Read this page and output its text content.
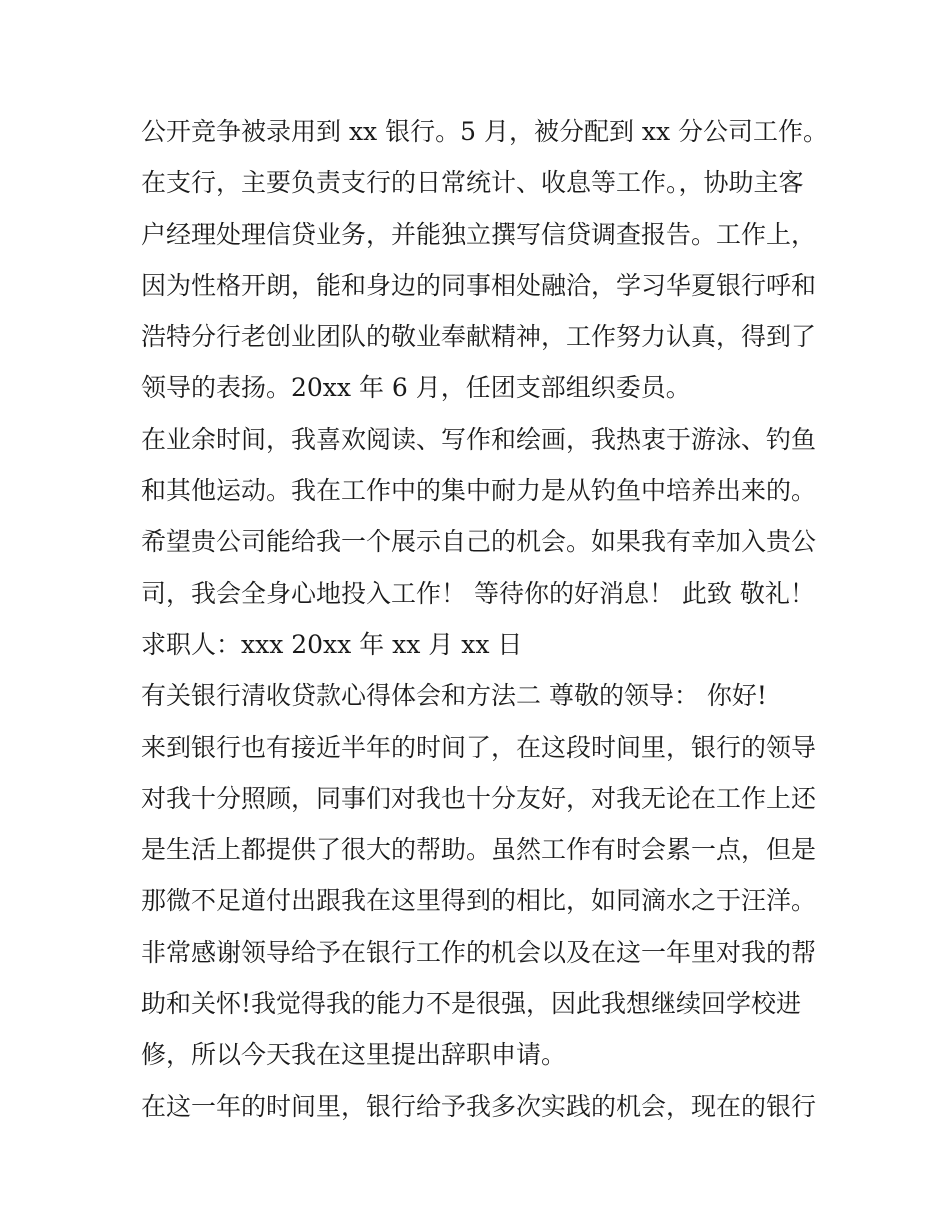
公开竞争被录用到 xx 银行。5 月，被分配到 xx 分公司工作。

在支行，主要负责支行的日常统计、收息等工作。，协助主客

户经理处理信贷业务，并能独立撰写信贷调查报告。工作上，

因为性格开朗，能和身边的同事相处融洽，学习华夏银行呼和

浩特分行老创业团队的敬业奉献精神，工作努力认真，得到了

领导的表扬。20xx 年 6 月，任团支部组织委员。

在业余时间，我喜欢阅读、写作和绘画，我热衷于游泳、钓鱼

和其他运动。我在工作中的集中耐力是从钓鱼中培养出来的。

希望贵公司能给我一个展示自己的机会。如果我有幸加入贵公

司，我会全身心地投入工作！ 等待你的好消息！ 此致 敬礼！

求职人：xxx 20xx 年 xx 月 xx 日

有关银行清收贷款心得体会和方法二 尊敬的领导： 你好!

来到银行也有接近半年的时间了，在这段时间里，银行的领导

对我十分照顾，同事们对我也十分友好，对我无论在工作上还

是生活上都提供了很大的帮助。虽然工作有时会累一点，但是

那微不足道付出跟我在这里得到的相比，如同滴水之于汪洋。

非常感谢领导给予在银行工作的机会以及在这一年里对我的帮

助和关怀!我觉得我的能力不是很强，因此我想继续回学校进

修，所以今天我在这里提出辞职申请。

在这一年的时间里，银行给予我多次实践的机会，现在的银行
